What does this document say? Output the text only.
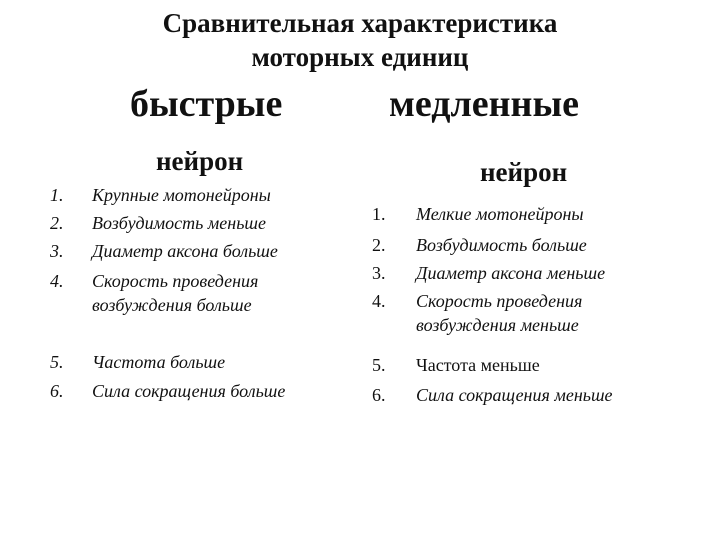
Сравнительная характеристика
моторных единиц
быстрые	медленные
нейрон	нейрон
1. Крупные мотонейроны
2. Возбудимость меньше
3. Диаметр аксона больше
4. Скорость проведения
возбуждения больше
5. Частота больше
6. Сила сокращения больше
1. Мелкие мотонейроны
2. Возбудимость больше
3. Диаметр аксона меньше
4. Скорость проведения
возбуждения меньше
5. Частота меньше
6. Сила сокращения меньше
